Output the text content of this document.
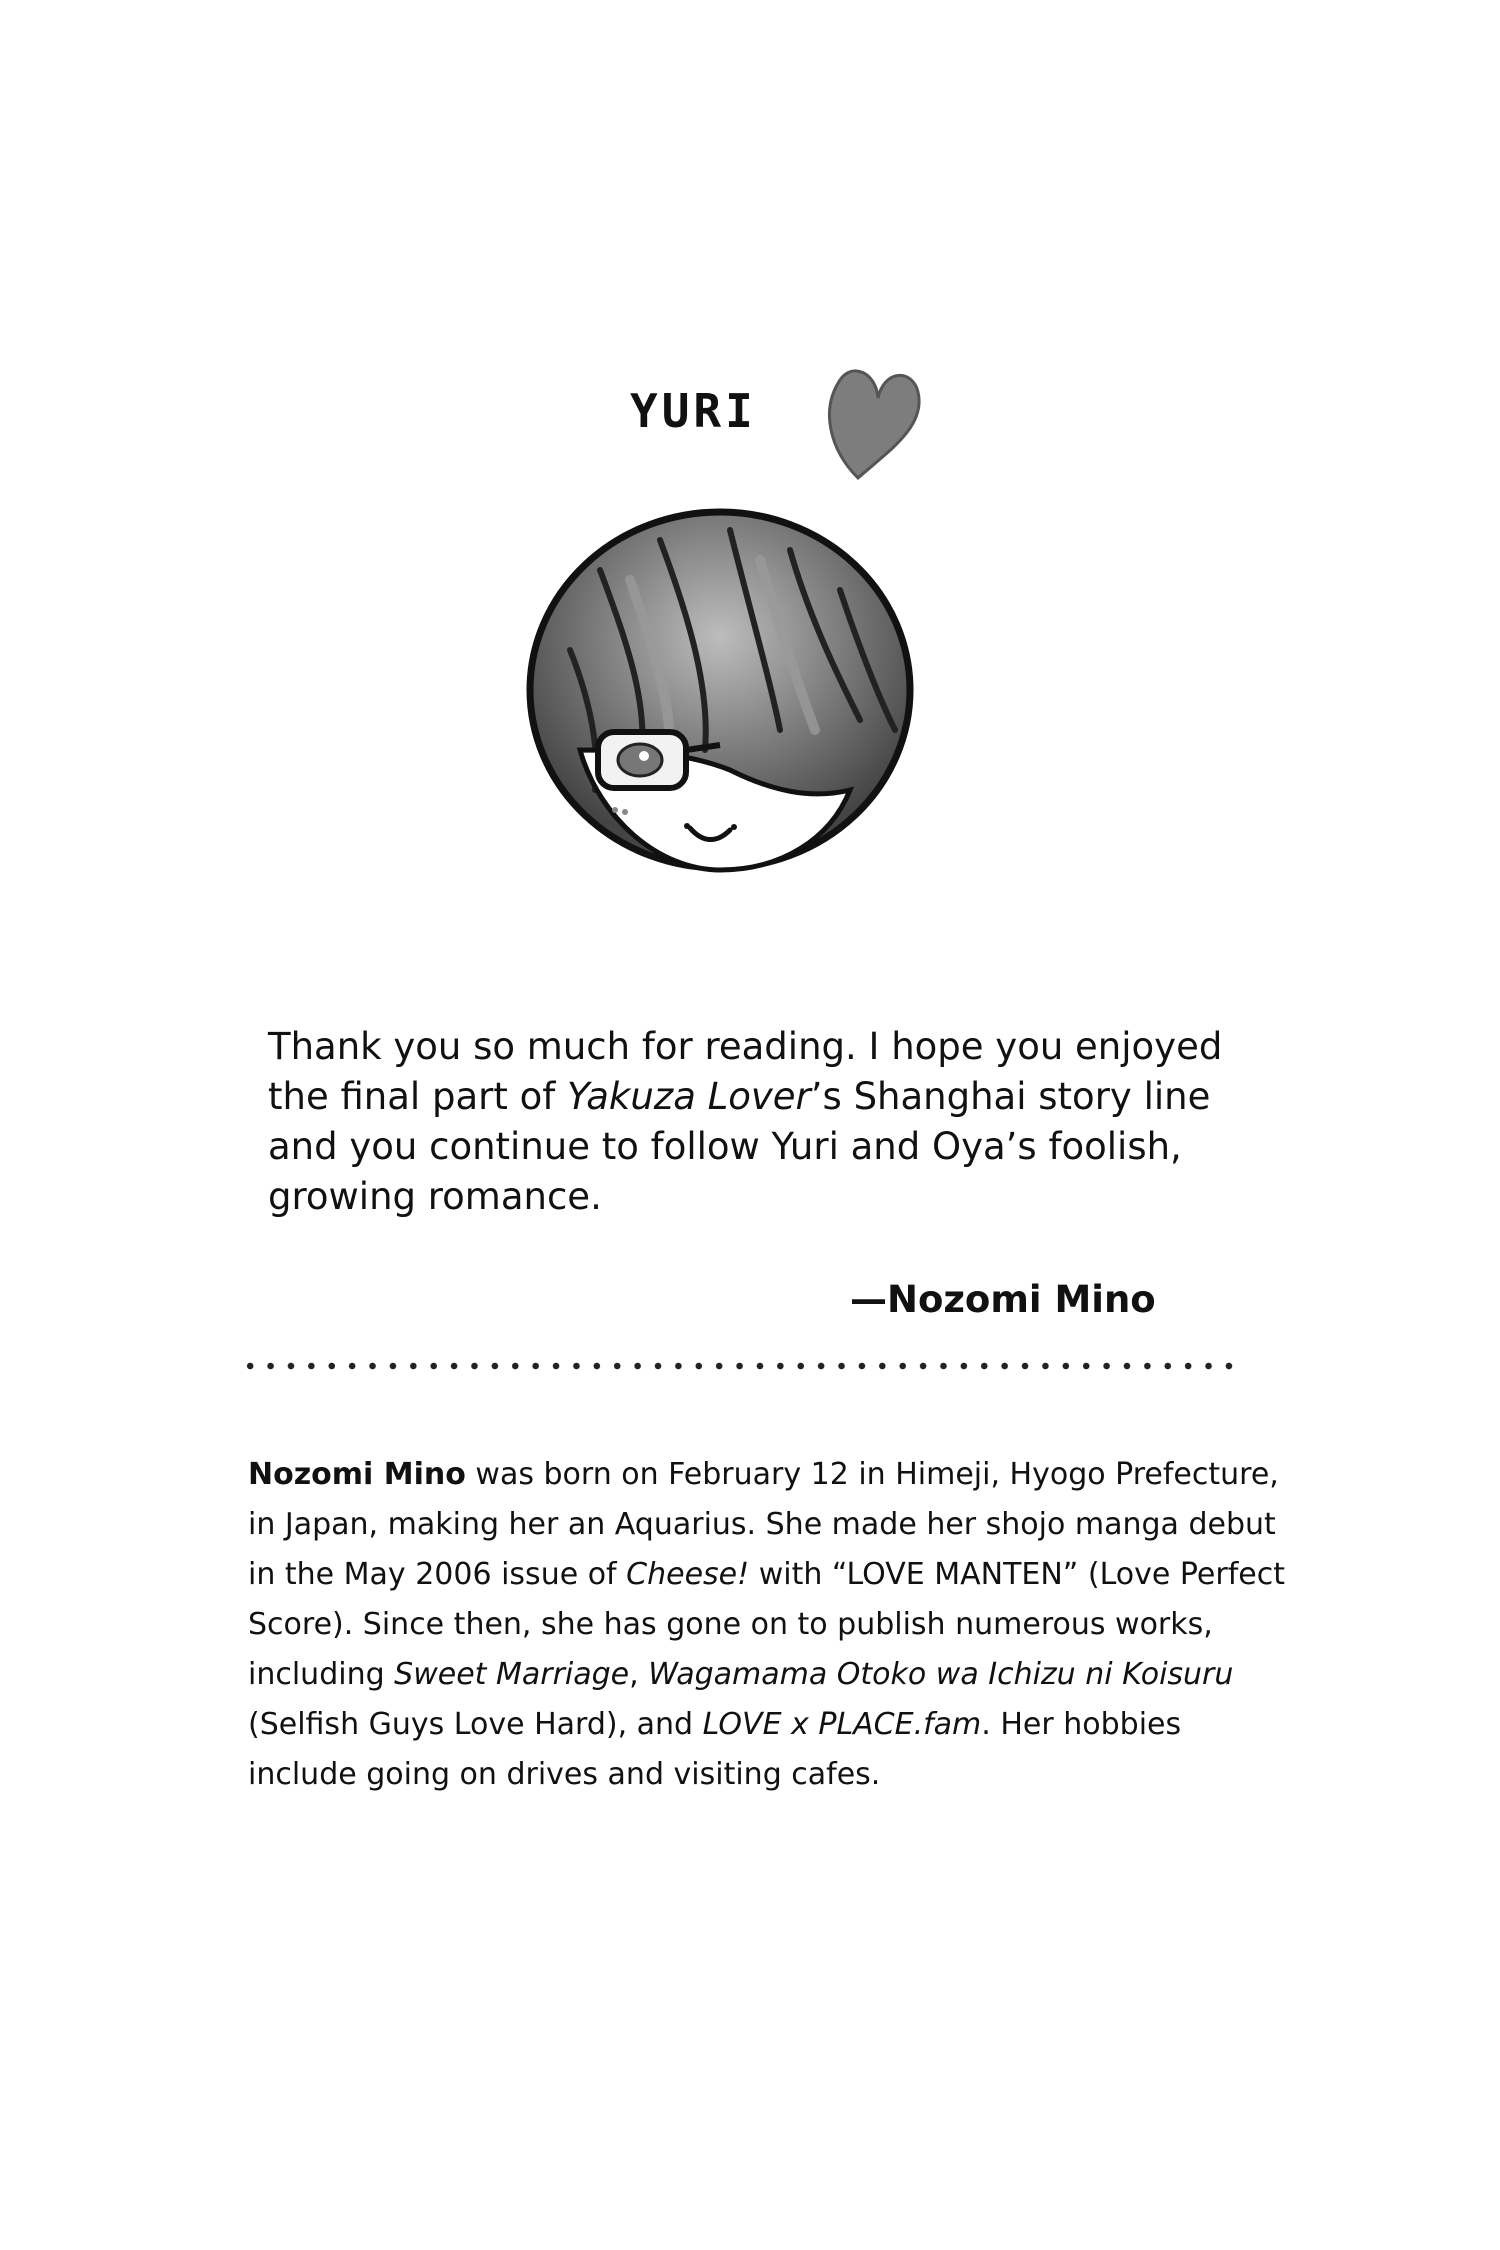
YURI

Thank you so much for reading. I hope you enjoyed the final part of Yakuza Lover’s Shanghai story line and you continue to follow Yuri and Oya’s foolish, growing romance.

—Nozomi Mino

Nozomi Mino was born on February 12 in Himeji, Hyogo Prefecture, in Japan, making her an Aquarius. She made her shojo manga debut in the May 2006 issue of Cheese! with “LOVE MANTEN” (Love Perfect Score). Since then, she has gone on to publish numerous works, including Sweet Marriage, Wagamama Otoko wa Ichizu ni Koisuru (Selfish Guys Love Hard), and LOVE x PLACE.fam. Her hobbies include going on drives and visiting cafes.
